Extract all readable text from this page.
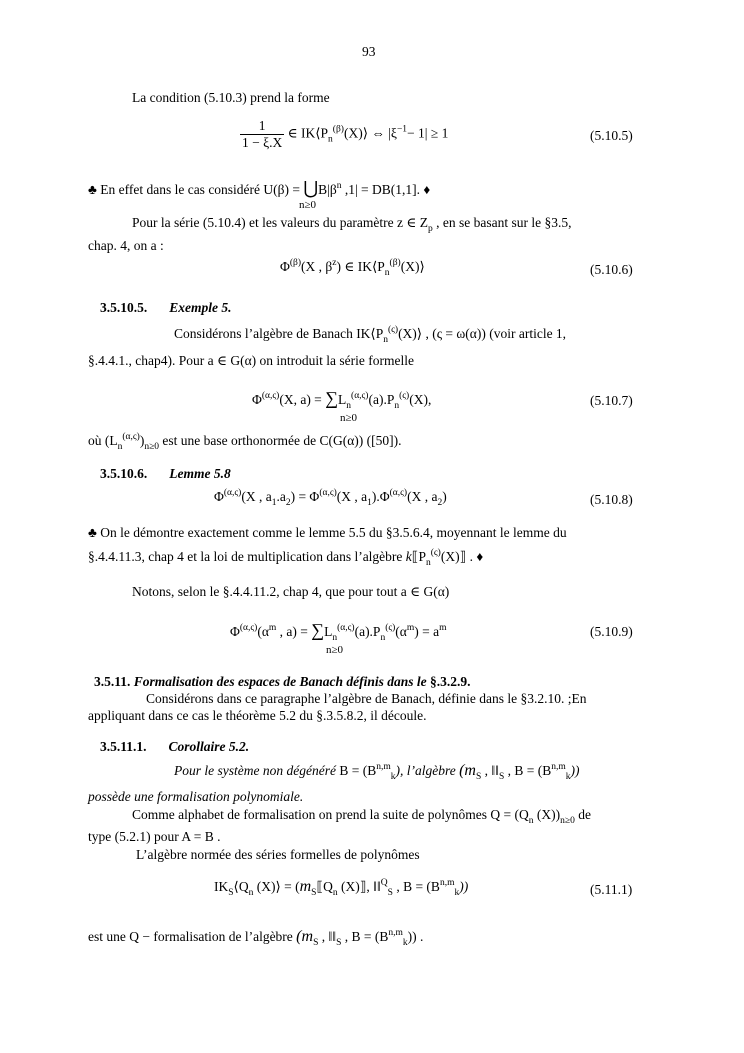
93
La condition (5.10.3) prend la forme
$\frac{1}{1 - \xi.X}$ ∈ $IK⟨P_n^{(\beta)}(X)⟩$ ⇔ $|\xi^{-1}- 1| \ge 1$	(5.10.5)
♣ En effet dans le cas considéré $U(\beta) = ⋃B|\beta^n$ ,1| = DB(1,1]. ♦
n≥0
Pour la série (5.10.4) et les valeurs du paramètre z ∈ $Z_p$ , en se basant sur le §3.5,
chap. 4, on a :
$\Phi^{(\beta)}(X$ , $\beta^z$) ∈ $IK⟨P_n^{(\beta)}(X)⟩$	(5.10.6)
3.5.10.5. Exemple 5.
Considérons l’algèbre de Banach $IK⟨P_n^{(\varsigma)}(X)⟩$ , (ς = ω(α)) (voir article 1,
§.4.4.1., chap4). Pour a ∈ G(α) on introduit la série formelle
$\Phi^{(\alpha,\varsigma)}(X$, $a) = \sum L_n^{(\alpha,\varsigma)}(a).P_n^{(\varsigma)}(X)$,
n≥0
(5.10.7)
où $(L_n^{(\alpha,\varsigma)})_{n\ge 0}$ est une base orthonormée de C(G(α)) ([50]).
3.5.10.6. Lemme 5.8
$\Phi^{(\alpha,\varsigma)}(X$ , $a_1.a_2) = \Phi^{(\alpha,\varsigma)}(X$ , $a_1).\Phi^{(\alpha,\varsigma)}(X$ , $a_2$)	(5.10.8)
♣ On le démontre exactement comme le lemme 5.5 du §3.5.6.4, moyennant le lemme du
§.4.4.11.3, chap 4 et la loi de multiplication dans l’algèbre $k⟦P_n^{(\varsigma)}(X)⟧$ . ♦
Notons, selon le §.4.4.11.2, chap 4, que pour tout a ∈ G(α)
$\Phi^{(\alpha,\varsigma)}(\alpha^m$ , $a) = \sum L_n^{(\alpha,\varsigma)}(a).P_n^{(\varsigma)}(\alpha^m) = a^m$
n≥0
(5.10.9)
3.5.11. Formalisation des espaces de Banach définis dans le §.3.2.9.
Considérons dans ce paragraphe l’algèbre de Banach, définie dans le §3.2.10. ;En
appliquant dans ce cas le théorème 5.2 du §.3.5.8.2, il découle.
3.5.11.1. Corollaire 5.2.
Pour le système non dégénéré $B = (B^{n,m}_k)$, l’algèbre ($m_S$ , $‖‖_S$ , $B = (B^{n,m}_k)$)
possède une formalisation polynomiale.
Comme alphabet de formalisation on prend la suite de polynômes $Q = (Q_n$ $(X))_{n\ge 0}$ de
type (5.2.1) pour A = B .
L’algèbre normée des séries formelles de polynômes
$IK_S⟨Q_n$ (X)⟩ = ($m_S⟦Q_n$ (X)⟧, ‖‖$^Q_S$ , $B = (B^{n,m}_k)$)	(5.11.1)
est une Q − formalisation de l’algèbre ($m_S$ , $‖‖_S$ , $B = (B^{n,m}_k)$) .
